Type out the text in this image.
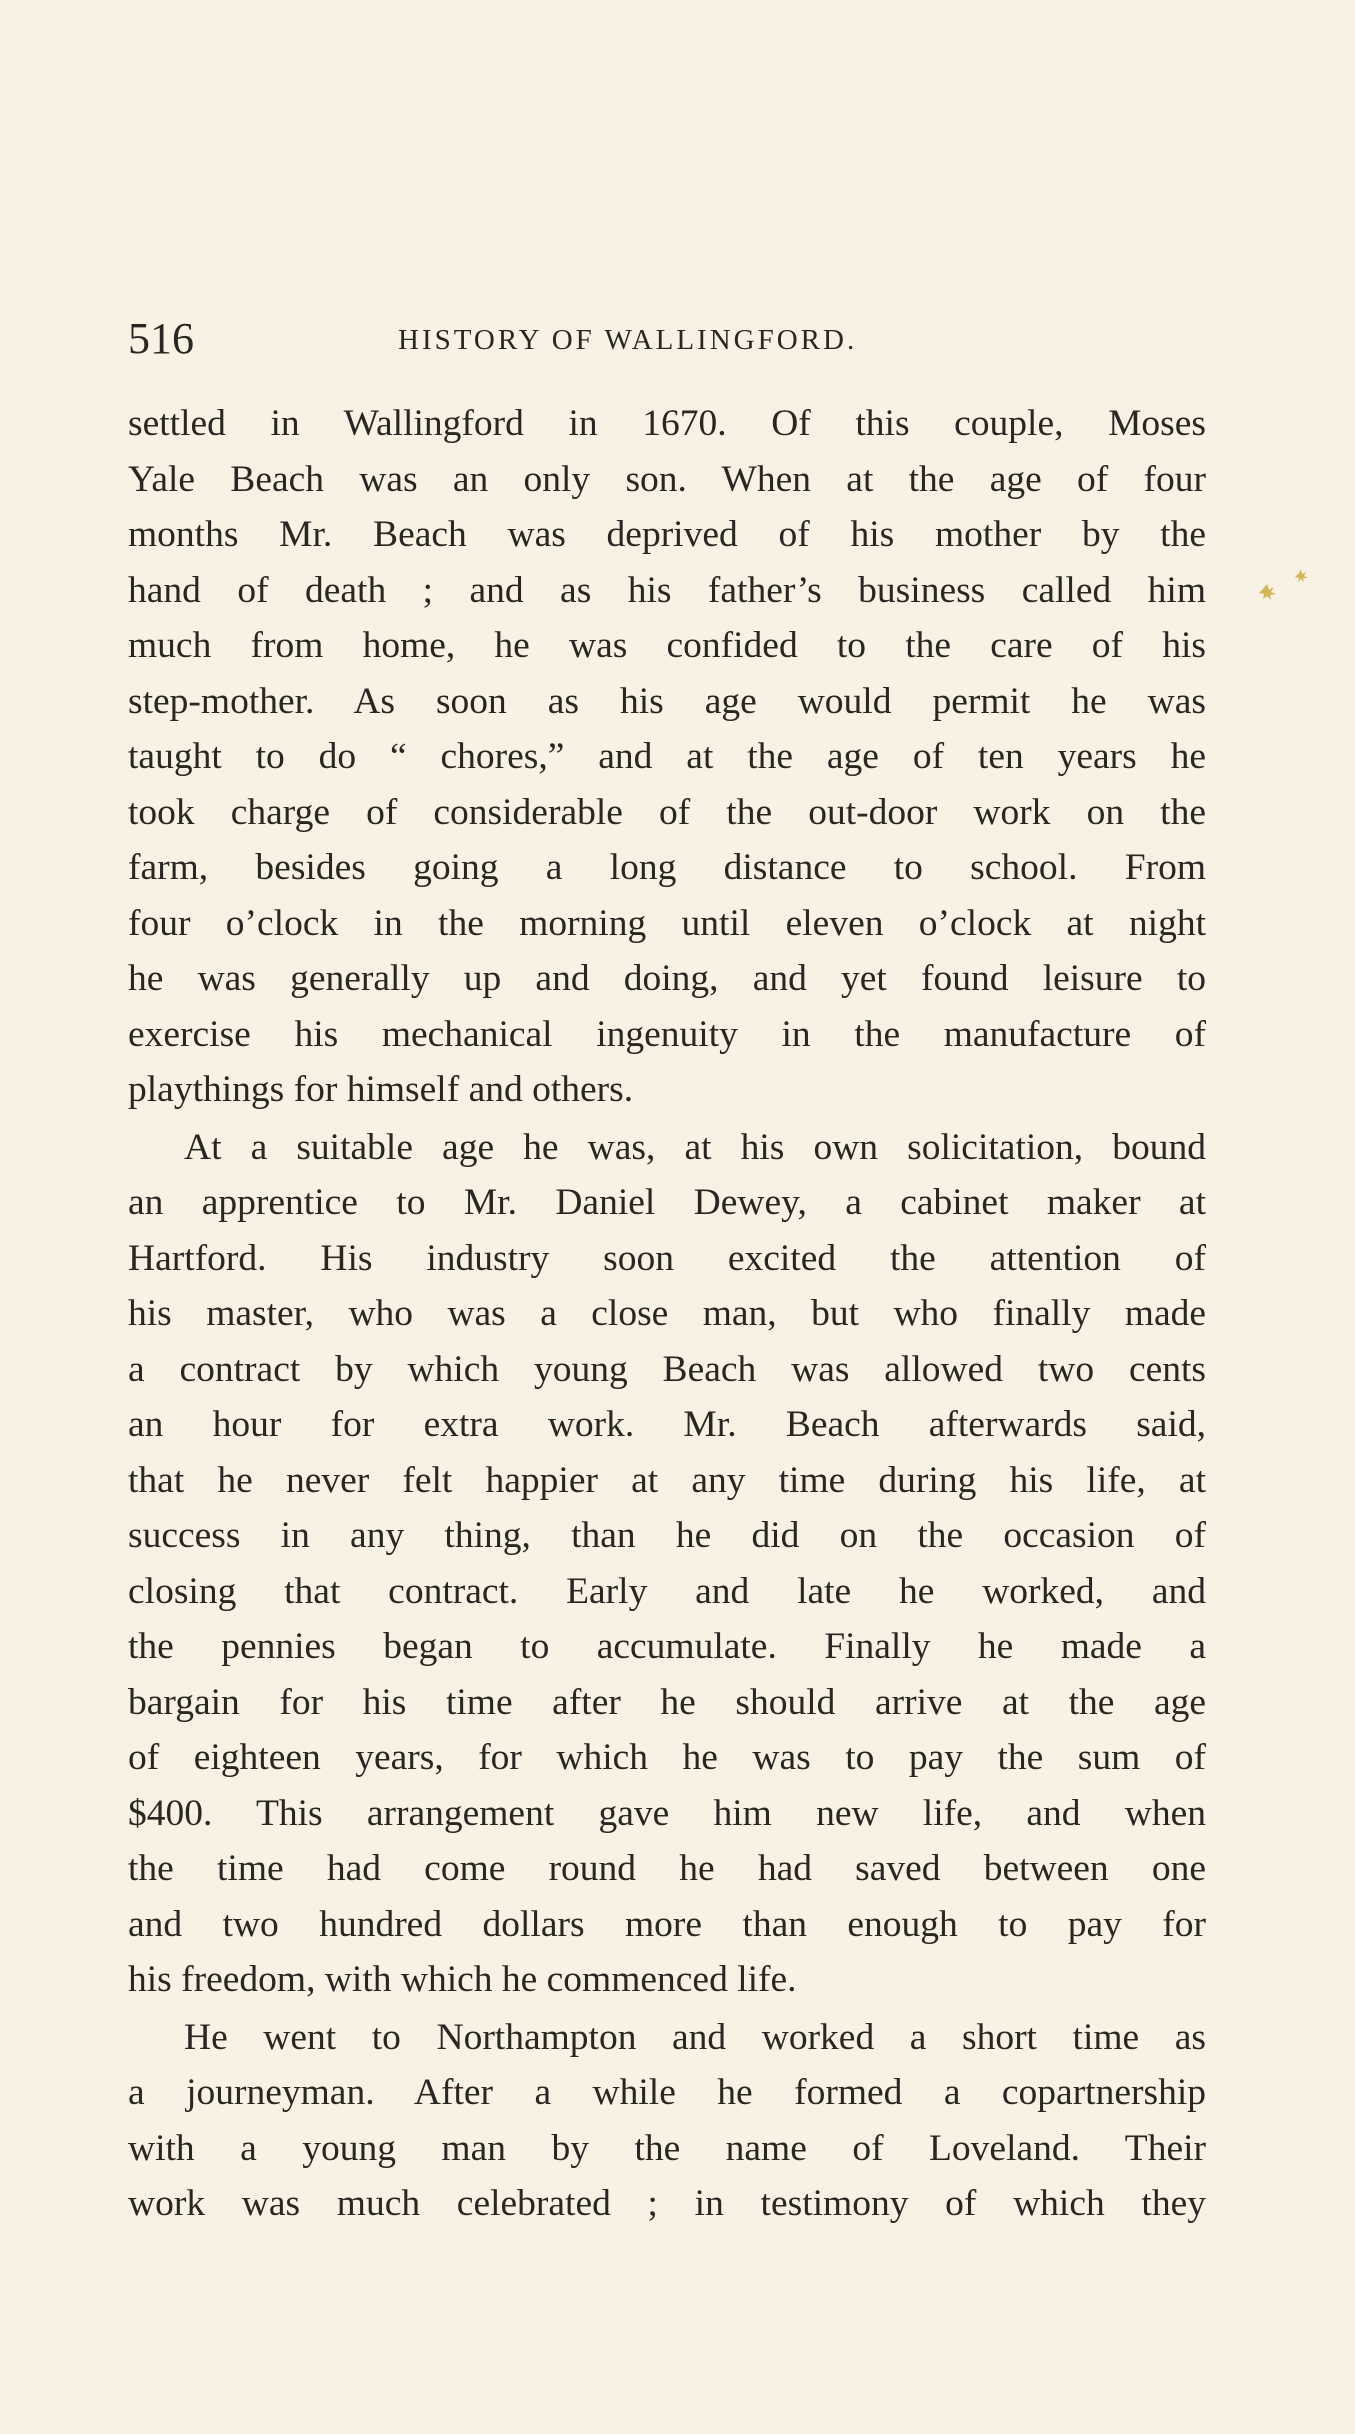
516	HISTORY OF WALLINGFORD.
settled in Wallingford in 1670. Of this couple, Moses
Yale Beach was an only son. When at the age of four
months Mr. Beach was deprived of his mother by the
hand of death ; and as his father’s business called him
much from home, he was confided to the care of his
step-mother. As soon as his age would permit he was
taught to do “ chores,” and at the age of ten years he
took charge of considerable of the out-door work on the
farm, besides going a long distance to school. From
four o’clock in the morning until eleven o’clock at night
he was generally up and doing, and yet found leisure to
exercise his mechanical ingenuity in the manufacture of
playthings for himself and others.
At a suitable age he was, at his own solicitation, bound
an apprentice to Mr. Daniel Dewey, a cabinet maker at
Hartford. His industry soon excited the attention of
his master, who was a close man, but who finally made
a contract by which young Beach was allowed two cents
an hour for extra work. Mr. Beach afterwards said,
that he never felt happier at any time during his life, at
success in any thing, than he did on the occasion of
closing that contract. Early and late he worked, and
the pennies began to accumulate. Finally he made a
bargain for his time after he should arrive at the age
of eighteen years, for which he was to pay the sum of
$400. This arrangement gave him new life, and when
the time had come round he had saved between one
and two hundred dollars more than enough to pay for
his freedom, with which he commenced life.
He went to Northampton and worked a short time as
a journeyman. After a while he formed a copartnership
with a young man by the name of Loveland. Their
work was much celebrated ; in testimony of which they
